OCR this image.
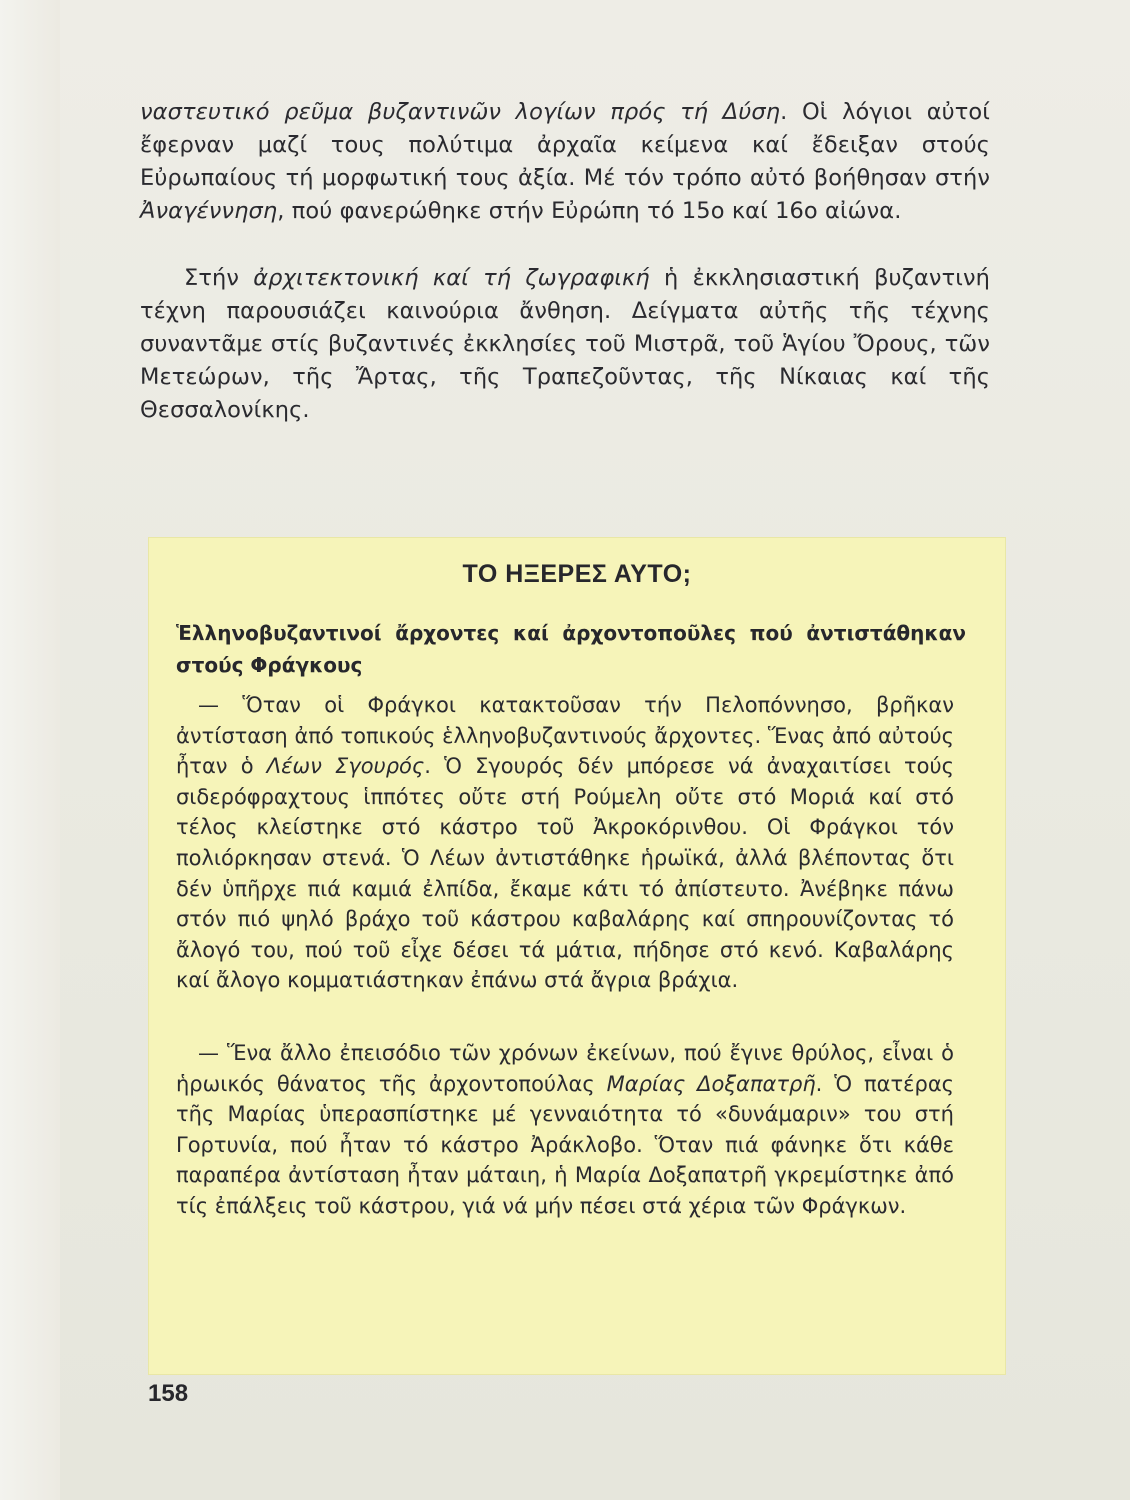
ναστευτικό ρεῦμα βυζαντινῶν λογίων πρός τή Δύση. Οἱ λόγιοι αὐτοί ἔφερναν μαζί τους πολύτιμα ἀρχαῖα κείμενα καί ἔδειξαν στούς Εὐρωπαίους τή μορφωτική τους ἀξία. Μέ τόν τρόπο αὐτό βοήθησαν στήν Ἀναγέννηση, πού φανερώθηκε στήν Εὐρώπη τό 15ο καί 16ο αἰώνα.

Στήν ἀρχιτεκτονική καί τή ζωγραφική ἡ ἐκκλησιαστική βυζαντινή τέχνη παρουσιάζει καινούρια ἄνθηση. Δείγματα αὐτῆς τῆς τέχνης συναντᾶμε στίς βυζαντινές ἐκκλησίες τοῦ Μιστρᾶ, τοῦ Ἁγίου Ὄρους, τῶν Μετεώρων, τῆς Ἄρτας, τῆς Τραπεζοῦντας, τῆς Νίκαιας καί τῆς Θεσσαλονίκης.

ΤΟ ΗΞΕΡΕΣ ΑΥΤΟ;

Ἑλληνοβυζαντινοί ἄρχοντες καί ἀρχοντοποῦλες πού ἀντιστάθηκαν στούς Φράγκους

— Ὅταν οἱ Φράγκοι κατακτοῦσαν τήν Πελοπόννησο, βρῆκαν ἀντίσταση ἀπό τοπικούς ἑλληνοβυζαντινούς ἄρχοντες. Ἕνας ἀπό αὐτούς ἦταν ὁ Λέων Σγουρός. Ὁ Σγουρός δέν μπόρεσε νά ἀναχαιτίσει τούς σιδερόφραχτους ἱππότες οὔτε στή Ρούμελη οὔτε στό Μοριά καί στό τέλος κλείστηκε στό κάστρο τοῦ Ἀκροκόρινθου. Οἱ Φράγκοι τόν πολιόρκησαν στενά. Ὁ Λέων ἀντιστάθηκε ἡρωϊκά, ἀλλά βλέποντας ὅτι δέν ὑπῆρχε πιά καμιά ἐλπίδα, ἔκαμε κάτι τό ἀπίστευτο. Ἀνέβηκε πάνω στόν πιό ψηλό βράχο τοῦ κάστρου καβαλάρης καί σπηρουνίζοντας τό ἄλογό του, πού τοῦ εἶχε δέσει τά μάτια, πήδησε στό κενό. Καβαλάρης καί ἄλογο κομματιάστηκαν ἐπάνω στά ἄγρια βράχια.

— Ἕνα ἄλλο ἐπεισόδιο τῶν χρόνων ἐκείνων, πού ἔγινε θρύλος, εἶναι ὁ ἡρωικός θάνατος τῆς ἀρχοντοπούλας Μαρίας Δοξαπατρῆ. Ὁ πατέρας τῆς Μαρίας ὑπερασπίστηκε μέ γενναιότητα τό «δυνάμαριν» του στή Γορτυνία, πού ἦταν τό κάστρο Ἀράκλοβο. Ὅταν πιά φάνηκε ὅτι κάθε παραπέρα ἀντίσταση ἦταν μάταιη, ἡ Μαρία Δοξαπατρῆ γκρεμίστηκε ἀπό τίς ἐπάλξεις τοῦ κάστρου, γιά νά μήν πέσει στά χέρια τῶν Φράγκων.

158
